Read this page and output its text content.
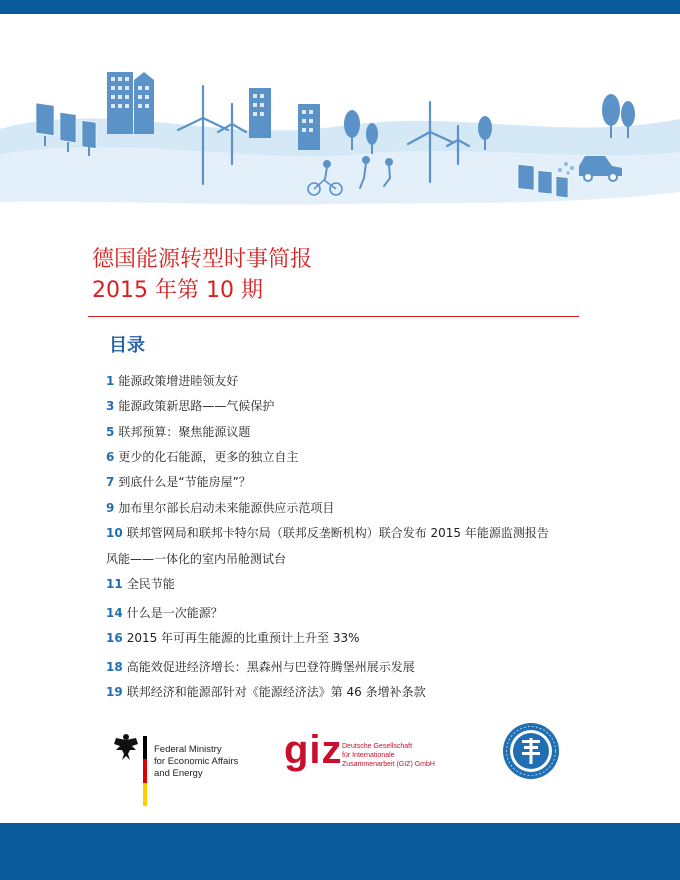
德国能源转型时事简报
2015 年第 10 期
目录
1 能源政策增进睦领友好
3 能源政策新思路——气候保护
5 联邦预算：聚焦能源议题
6 更少的化石能源，更多的独立自主
7 到底什么是“节能房屋”？
9 加布里尔部长启动未来能源供应示范项目
10 联邦管网局和联邦卡特尔局（联邦反垄断机构）联合发布 2015 年能源监测报告
风能——一体化的室内吊舱测试台
11 全民节能
14 什么是一次能源？
16 2015 年可再生能源的比重预计上升至 33%
18 高能效促进经济增长：黑森州与巴登符腾堡州展示发展
19 联邦经济和能源部针对《能源经济法》第 46 条增补条款
Federal Ministry
for Economic Affairs
and Energy
giz Deutsche Gesellschaft
für Internationale
Zusammenarbeit (GIZ) GmbH
